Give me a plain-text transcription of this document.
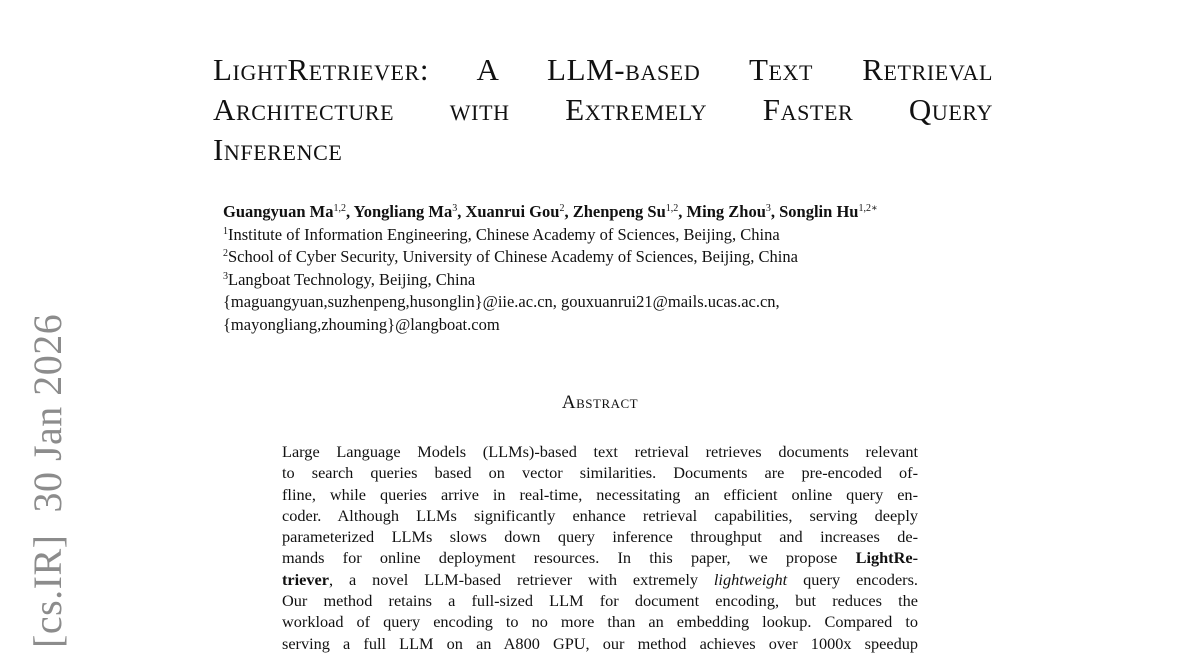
[cs.IR]30 Jan 2026
LightRetriever: A LLM-based Text Retrieval
Architecture with Extremely Faster Query
Inference
Guangyuan Ma$^{1,2}$, Yongliang Ma$^3$, Xuanrui Gou$^2$, Zhenpeng Su$^{1,2}$, Ming Zhou$^3$, Songlin $Hu^{1,2∗}$
$^1$Institute of Information Engineering, Chinese Academy of Sciences, Beijing, China
$^2$School of Cyber Security, University of Chinese Academy of Sciences, Beijing, China
$^3$Langboat Technology, Beijing, China
{maguangyuan,suzhenpeng,husonglin}@iie.ac.cn, gouxuanrui21@mails.ucas.ac.cn,
{mayongliang,zhouming}@langboat.com
Abstract
Large Language Models (LLMs)-based text retrieval retrieves documents relevant
to search queries based on vector similarities. Documents are pre-encoded of-
fline, while queries arrive in real-time, necessitating an efficient online query en-
coder. Although LLMs significantly enhance retrieval capabilities, serving deeply
parameterized LLMs slows down query inference throughput and increases de-
mands for online deployment resources. In this paper, we propose LightRe-
triever, a novel LLM-based retriever with extremely lightweight query encoders.
Our method retains a full-sized LLM for document encoding, but reduces the
workload of query encoding to no more than an embedding lookup. Compared to
serving a full LLM on an A800 GPU, our method achieves over 1000x speedup
